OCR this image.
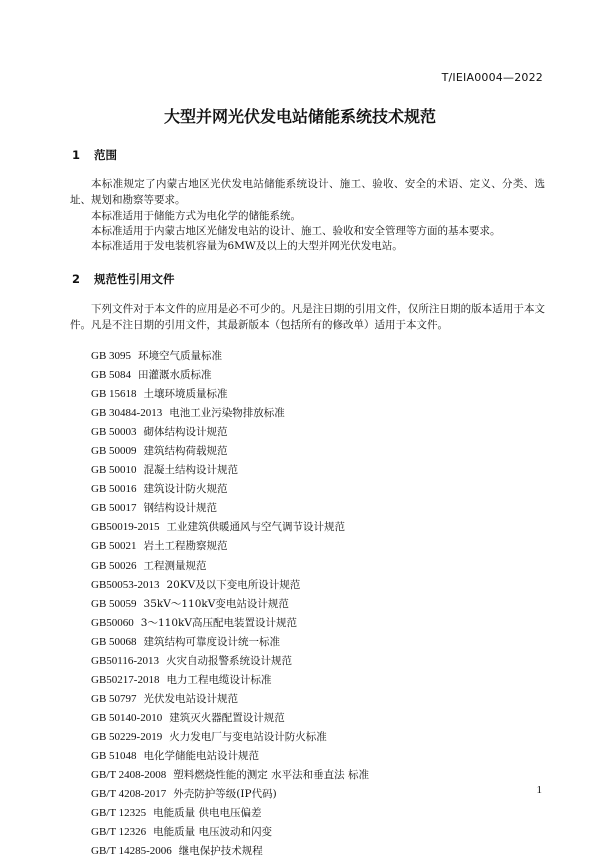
T/IEIA0004—2022
大型并网光伏发电站储能系统技术规范
1 范围

本标准规定了内蒙古地区光伏发电站储能系统设计、施工、验收、安全的术语、定义、分类、选址、规划和勘察等要求。

本标准适用于储能方式为电化学的储能系统。

本标准适用于内蒙古地区光储发电站的设计、施工、验收和安全管理等方面的基本要求。

本标准适用于发电装机容量为6MW及以上的大型并网光伏发电站。

2 规范性引用文件

下列文件对于本文件的应用是必不可少的。凡是注日期的引用文件，仅所注日期的版本适用于本文件。凡是不注日期的引用文件，其最新版本（包括所有的修改单）适用于本文件。

GB 3095 环境空气质量标准
GB 5084 田灌溉水质标准
GB 15618 土壤环境质量标准
GB 30484-2013 电池工业污染物排放标准
GB 50003 砌体结构设计规范
GB 50009 建筑结构荷载规范
GB 50010 混凝土结构设计规范
GB 50016 建筑设计防火规范
GB 50017 钢结构设计规范
GB50019-2015 工业建筑供暖通风与空气调节设计规范
GB 50021 岩土工程勘察规范
GB 50026 工程测量规范
GB50053-2013 20KV及以下变电所设计规范
GB 50059 35kV～110kV变电站设计规范
GB50060 3～110kV高压配电装置设计规范
GB 50068 建筑结构可靠度设计统一标准
GB50116-2013 火灾自动报警系统设计规范
GB50217-2018 电力工程电缆设计标准
GB 50797 光伏发电站设计规范
GB 50140-2010 建筑灭火器配置设计规范
GB 50229-2019 火力发电厂与变电站设计防火标准
GB 51048 电化学储能电站设计规范
GB/T 2408-2008 塑料燃烧性能的测定 水平法和垂直法 标准
GB/T 4208-2017 外壳防护等级(IP代码)
GB/T 12325 电能质量 供电电压偏差
GB/T 12326 电能质量 电压波动和闪变
GB/T 14285-2006 继电保护技术规程
1
